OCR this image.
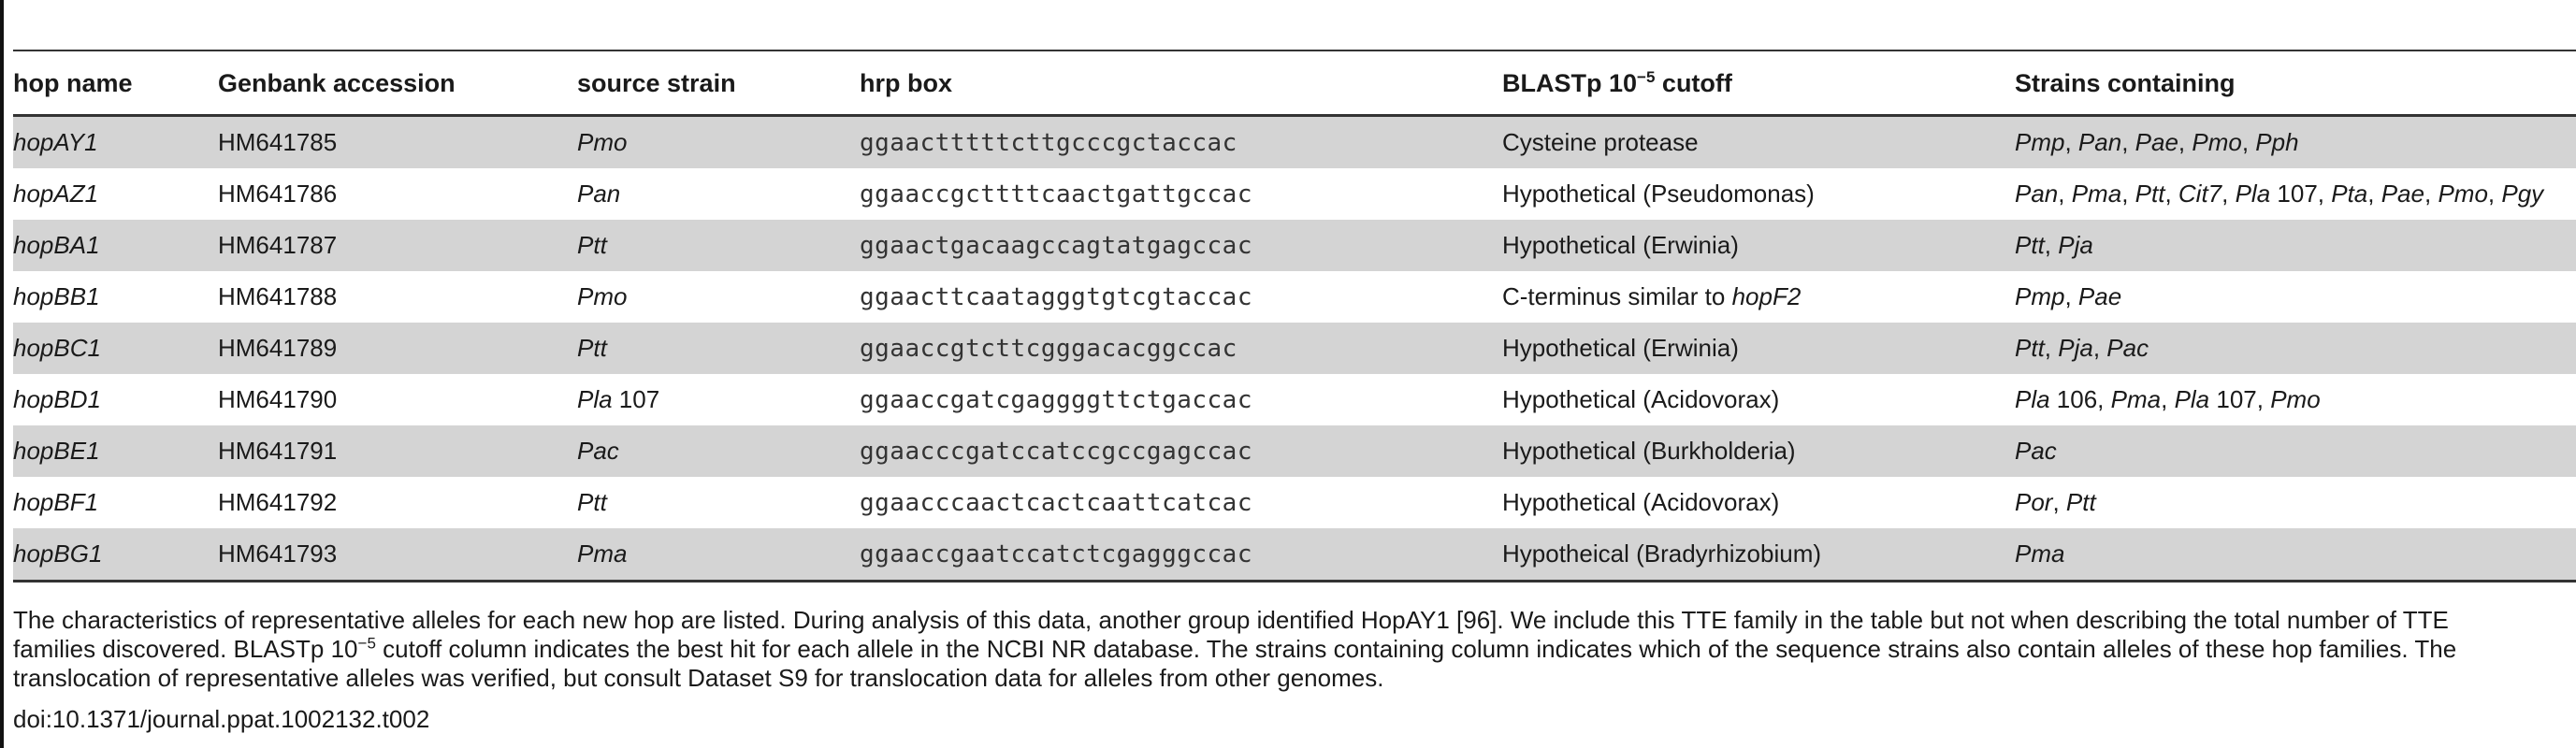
hop name	Genbank accession	source strain	hrp box	BLASTp $10^{-5}$ cutoff	Strains containing
hopAY1	HM641785	Pmo	ggaactttttcttgcccgctaccac	Cysteine protease	Pmp, Pan, Pae, Pmo, Pph
hopAZ1	HM641786	Pan	ggaaccgcttttcaactgattgccac	Hypothetical (Pseudomonas)	Pan, Pma, Ptt, Cit7, Pla 107, Pta, Pae, Pmo, Pgy
hopBA1	HM641787	Ptt	ggaactgacaagccagtatgagccac	Hypothetical (Erwinia)	Ptt, Pja
hopBB1	HM641788	Pmo	ggaacttcaatagggtgtcgtaccac	C-terminus similar to hopF2	Pmp, Pae
hopBC1	HM641789	Ptt	ggaaccgtcttcgggacacggccac	Hypothetical (Erwinia)	Ptt, Pja, Pac
hopBD1	HM641790	Pla 107	ggaaccgatcgaggggttctgaccac	Hypothetical (Acidovorax)	Pla 106, Pma, Pla 107, Pmo
hopBE1	HM641791	Pac	ggaacccgatccatccgccgagccac	Hypothetical (Burkholderia)	Pac
hopBF1	HM641792	Ptt	ggaacccaactcactcaattcatcac	Hypothetical (Acidovorax)	Por, Ptt
hopBG1	HM641793	Pma	ggaaccgaatccatctcgagggccac	Hypotheical (Bradyrhizobium)	Pma

The characteristics of representative alleles for each new hop are listed. During analysis of this data, another group identified HopAY1 [96]. We include this TTE family in the table but not when describing the total number of TTE

families discovered. BLASTp $10^{-5}$ cutoff column indicates the best hit for each allele in the NCBI NR database. The strains containing column indicates which of the sequence strains also contain alleles of these hop families. The

translocation of representative alleles was verified, but consult Dataset S9 for translocation data for alleles from other genomes.

doi:10.1371/journal.ppat.1002132.t002
